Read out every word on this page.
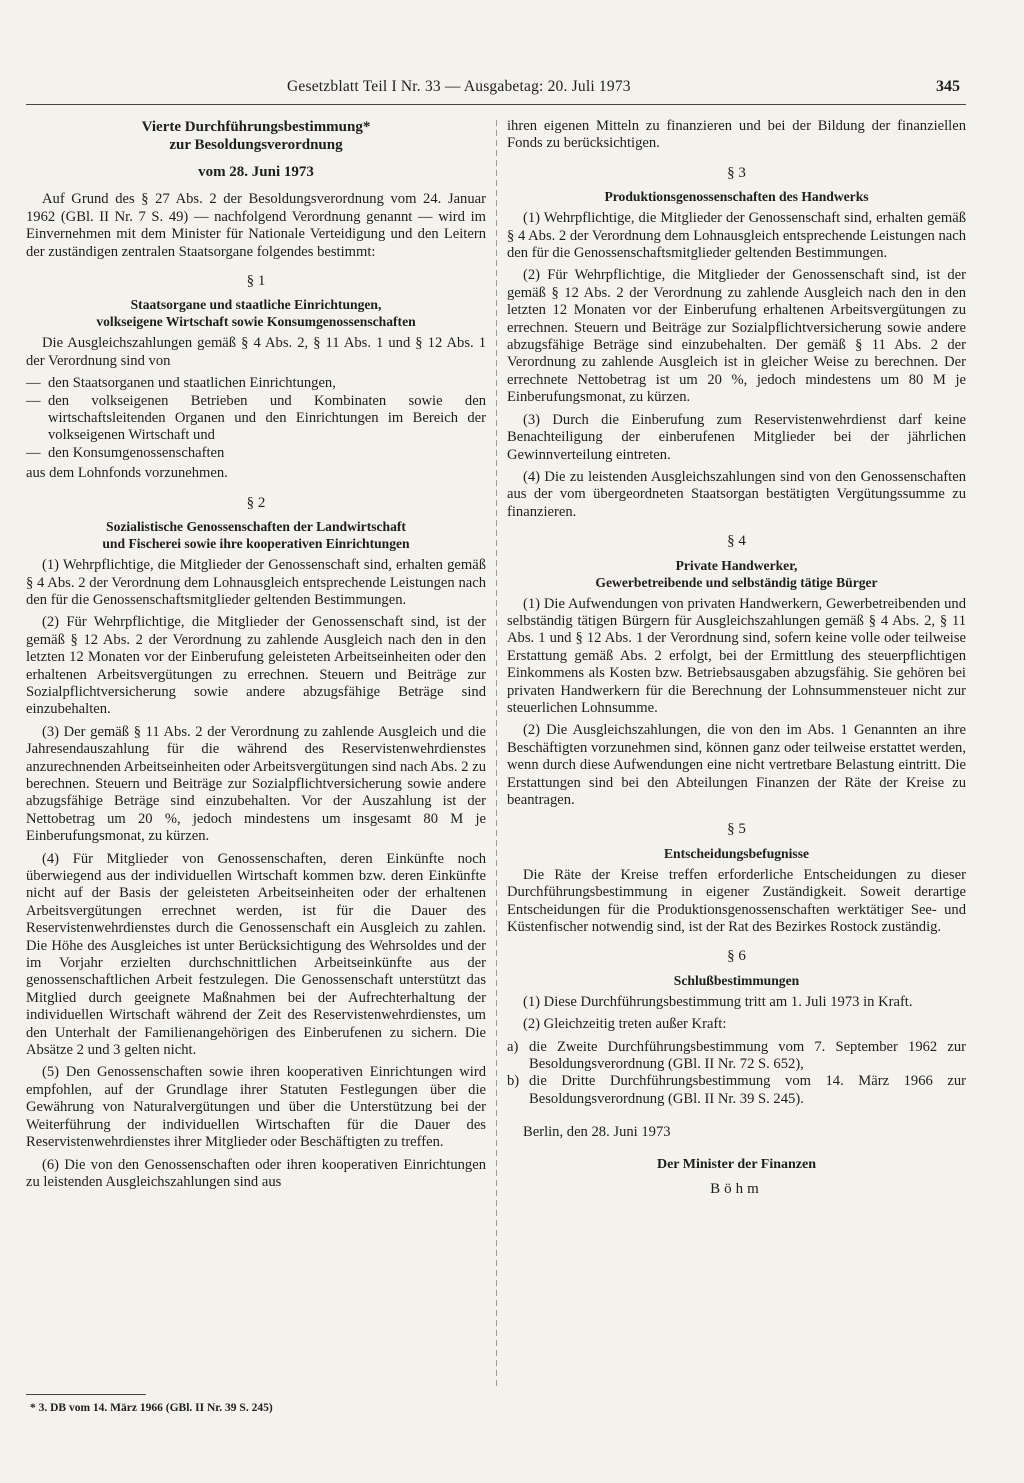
Gesetzblatt Teil I Nr. 33 — Ausgabetag: 20. Juli 1973	345
Vierte Durchführungsbestimmung*
zur Besoldungsverordnung
vom 28. Juni 1973

Auf Grund des § 27 Abs. 2 der Besoldungsverordnung vom 24. Januar 1962 (GBl. II Nr. 7 S. 49) — nachfolgend Verordnung genannt — wird im Einvernehmen mit dem Minister für Nationale Verteidigung und den Leitern der zuständigen zentralen Staatsorgane folgendes bestimmt:

§ 1
Staatsorgane und staatliche Einrichtungen,
volkseigene Wirtschaft sowie Konsumgenossenschaften

Die Ausgleichszahlungen gemäß § 4 Abs. 2, § 11 Abs. 1 und § 12 Abs. 1 der Verordnung sind von

— den Staatsorganen und staatlichen Einrichtungen,
— den volkseigenen Betrieben und Kombinaten sowie den wirtschaftsleitenden Organen und den Einrichtungen im Bereich der volkseigenen Wirtschaft und
— den Konsumgenossenschaften

aus dem Lohnfonds vorzunehmen.

§ 2
Sozialistische Genossenschaften der Landwirtschaft
und Fischerei sowie ihre kooperativen Einrichtungen

(1) Wehrpflichtige, die Mitglieder der Genossenschaft sind, erhalten gemäß § 4 Abs. 2 der Verordnung dem Lohnausgleich entsprechende Leistungen nach den für die Genossenschaftsmitglieder geltenden Bestimmungen.

(2) Für Wehrpflichtige, die Mitglieder der Genossenschaft sind, ist der gemäß § 12 Abs. 2 der Verordnung zu zahlende Ausgleich nach den in den letzten 12 Monaten vor der Einberufung geleisteten Arbeitseinheiten oder den erhaltenen Arbeitsvergütungen zu errechnen. Steuern und Beiträge zur Sozialpflichtversicherung sowie andere abzugsfähige Beträge sind einzubehalten.

(3) Der gemäß § 11 Abs. 2 der Verordnung zu zahlende Ausgleich und die Jahresendauszahlung für die während des Reservistenwehrdienstes anzurechnenden Arbeitseinheiten oder Arbeitsvergütungen sind nach Abs. 2 zu berechnen. Steuern und Beiträge zur Sozialpflichtversicherung sowie andere abzugsfähige Beträge sind einzubehalten. Vor der Auszahlung ist der Nettobetrag um 20 %, jedoch mindestens um insgesamt 80 M je Einberufungsmonat, zu kürzen.

(4) Für Mitglieder von Genossenschaften, deren Einkünfte noch überwiegend aus der individuellen Wirtschaft kommen bzw. deren Einkünfte nicht auf der Basis der geleisteten Arbeitseinheiten oder der erhaltenen Arbeitsvergütungen errechnet werden, ist für die Dauer des Reservistenwehrdienstes durch die Genossenschaft ein Ausgleich zu zahlen. Die Höhe des Ausgleiches ist unter Berücksichtigung des Wehrsoldes und der im Vorjahr erzielten durchschnittlichen Arbeitseinkünfte aus der genossenschaftlichen Arbeit festzulegen. Die Genossenschaft unterstützt das Mitglied durch geeignete Maßnahmen bei der Aufrechterhaltung der individuellen Wirtschaft während der Zeit des Reservistenwehrdienstes, um den Unterhalt der Familienangehörigen des Einberufenen zu sichern. Die Absätze 2 und 3 gelten nicht.

(5) Den Genossenschaften sowie ihren kooperativen Einrichtungen wird empfohlen, auf der Grundlage ihrer Statuten Festlegungen über die Gewährung von Naturalvergütungen und über die Unterstützung bei der Weiterführung der individuellen Wirtschaften für die Dauer des Reservistenwehrdienstes ihrer Mitglieder oder Beschäftigten zu treffen.

(6) Die von den Genossenschaften oder ihren kooperativen Einrichtungen zu leistenden Ausgleichszahlungen sind aus

ihren eigenen Mitteln zu finanzieren und bei der Bildung der finanziellen Fonds zu berücksichtigen.

§ 3
Produktionsgenossenschaften des Handwerks

(1) Wehrpflichtige, die Mitglieder der Genossenschaft sind, erhalten gemäß § 4 Abs. 2 der Verordnung dem Lohnausgleich entsprechende Leistungen nach den für die Genossenschaftsmitglieder geltenden Bestimmungen.

(2) Für Wehrpflichtige, die Mitglieder der Genossenschaft sind, ist der gemäß § 12 Abs. 2 der Verordnung zu zahlende Ausgleich nach den in den letzten 12 Monaten vor der Einberufung erhaltenen Arbeitsvergütungen zu errechnen. Steuern und Beiträge zur Sozialpflichtversicherung sowie andere abzugsfähige Beträge sind einzubehalten. Der gemäß § 11 Abs. 2 der Verordnung zu zahlende Ausgleich ist in gleicher Weise zu berechnen. Der errechnete Nettobetrag ist um 20 %, jedoch mindestens um 80 M je Einberufungsmonat, zu kürzen.

(3) Durch die Einberufung zum Reservistenwehrdienst darf keine Benachteiligung der einberufenen Mitglieder bei der jährlichen Gewinnverteilung eintreten.

(4) Die zu leistenden Ausgleichszahlungen sind von den Genossenschaften aus der vom übergeordneten Staatsorgan bestätigten Vergütungssumme zu finanzieren.

§ 4
Private Handwerker,
Gewerbetreibende und selbständig tätige Bürger

(1) Die Aufwendungen von privaten Handwerkern, Gewerbetreibenden und selbständig tätigen Bürgern für Ausgleichszahlungen gemäß § 4 Abs. 2, § 11 Abs. 1 und § 12 Abs. 1 der Verordnung sind, sofern keine volle oder teilweise Erstattung gemäß Abs. 2 erfolgt, bei der Ermittlung des steuerpflichtigen Einkommens als Kosten bzw. Betriebsausgaben abzugsfähig. Sie gehören bei privaten Handwerkern für die Berechnung der Lohnsummensteuer nicht zur steuerlichen Lohnsumme.

(2) Die Ausgleichszahlungen, die von den im Abs. 1 Genannten an ihre Beschäftigten vorzunehmen sind, können ganz oder teilweise erstattet werden, wenn durch diese Aufwendungen eine nicht vertretbare Belastung eintritt. Die Erstattungen sind bei den Abteilungen Finanzen der Räte der Kreise zu beantragen.

§ 5
Entscheidungsbefugnisse

Die Räte der Kreise treffen erforderliche Entscheidungen zu dieser Durchführungsbestimmung in eigener Zuständigkeit. Soweit derartige Entscheidungen für die Produktionsgenossenschaften werktätiger See- und Küstenfischer notwendig sind, ist der Rat des Bezirkes Rostock zuständig.

§ 6
Schlußbestimmungen

(1) Diese Durchführungsbestimmung tritt am 1. Juli 1973 in Kraft.

(2) Gleichzeitig treten außer Kraft:

a) die Zweite Durchführungsbestimmung vom 7. September 1962 zur Besoldungsverordnung (GBl. II Nr. 72 S. 652),
b) die Dritte Durchführungsbestimmung vom 14. März 1966 zur Besoldungsverordnung (GBl. II Nr. 39 S. 245).
Berlin, den 28. Juni 1973
Der Minister der Finanzen
Böhm
* 3. DB vom 14. März 1966 (GBl. II Nr. 39 S. 245)
